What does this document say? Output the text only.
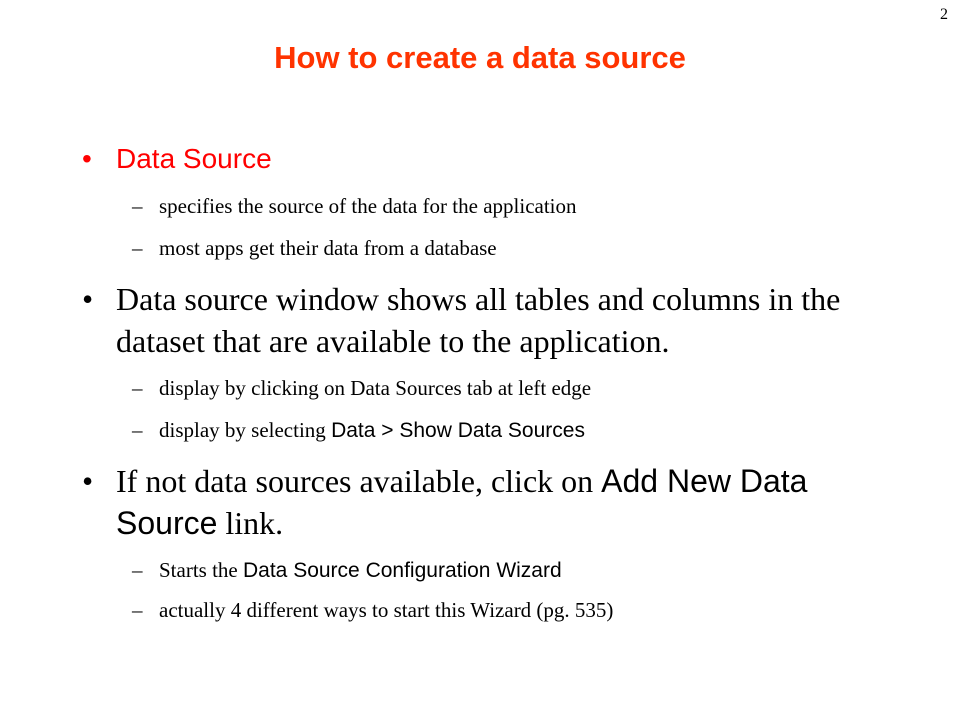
2
How to create a data source
• Data Source
– specifies the source of the data for the application
– most apps get their data from a database
• Data source window shows all tables and columns in the dataset that are available to the application.
– display by clicking on Data Sources tab at left edge
– display by selecting Data > Show Data Sources
• If not data sources available, click on Add New Data Source link.
– Starts the Data Source Configuration Wizard
– actually 4 different ways to start this Wizard (pg. 535)
